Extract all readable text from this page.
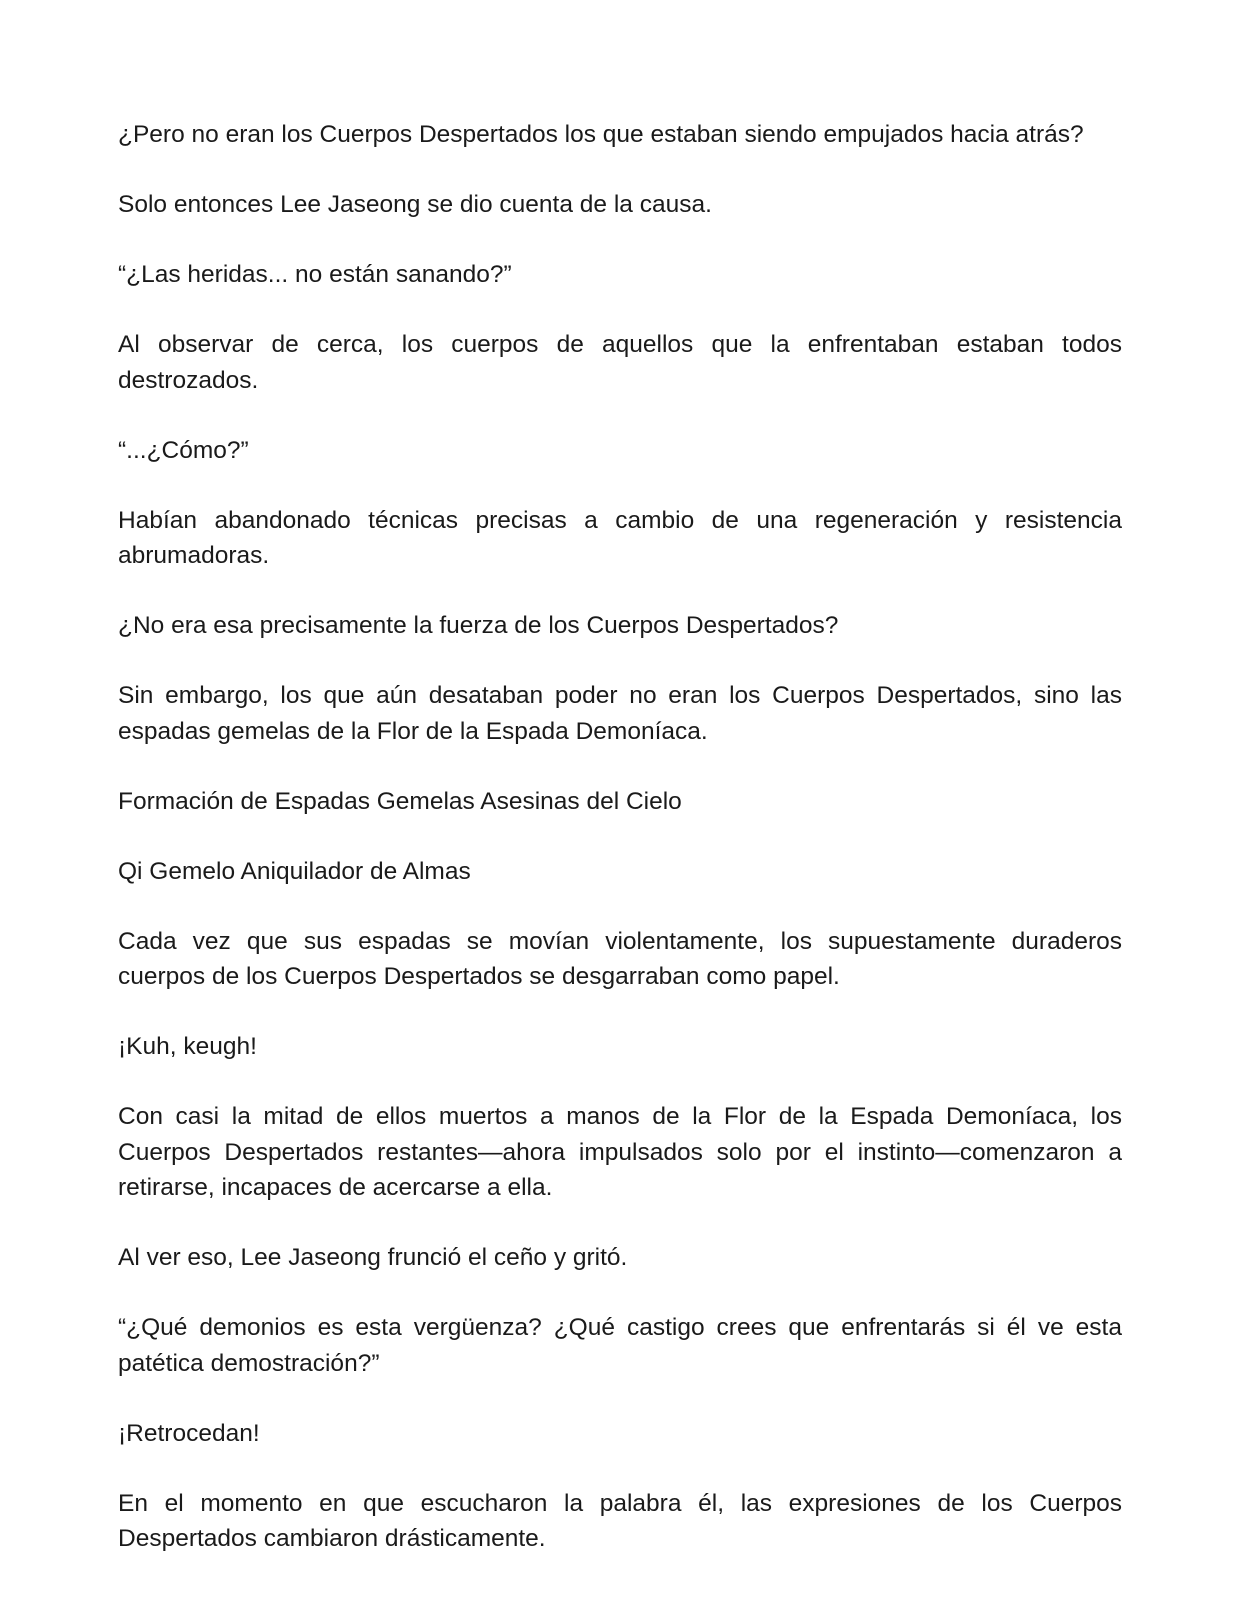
¿Pero no eran los Cuerpos Despertados los que estaban siendo empujados hacia atrás?

Solo entonces Lee Jaseong se dio cuenta de la causa.

“¿Las heridas... no están sanando?”

Al observar de cerca, los cuerpos de aquellos que la enfrentaban estaban todos destrozados.

“...¿Cómo?”

Habían abandonado técnicas precisas a cambio de una regeneración y resistencia abrumadoras.

¿No era esa precisamente la fuerza de los Cuerpos Despertados?

Sin embargo, los que aún desataban poder no eran los Cuerpos Despertados, sino las espadas gemelas de la Flor de la Espada Demoníaca.

Formación de Espadas Gemelas Asesinas del Cielo

Qi Gemelo Aniquilador de Almas

Cada vez que sus espadas se movían violentamente, los supuestamente duraderos cuerpos de los Cuerpos Despertados se desgarraban como papel.

¡Kuh, keugh!

Con casi la mitad de ellos muertos a manos de la Flor de la Espada Demoníaca, los Cuerpos Despertados restantes—ahora impulsados solo por el instinto—comenzaron a retirarse, incapaces de acercarse a ella.

Al ver eso, Lee Jaseong frunció el ceño y gritó.

“¿Qué demonios es esta vergüenza? ¿Qué castigo crees que enfrentarás si él ve esta patética demostración?”

¡Retrocedan!

En el momento en que escucharon la palabra él, las expresiones de los Cuerpos Despertados cambiaron drásticamente.
